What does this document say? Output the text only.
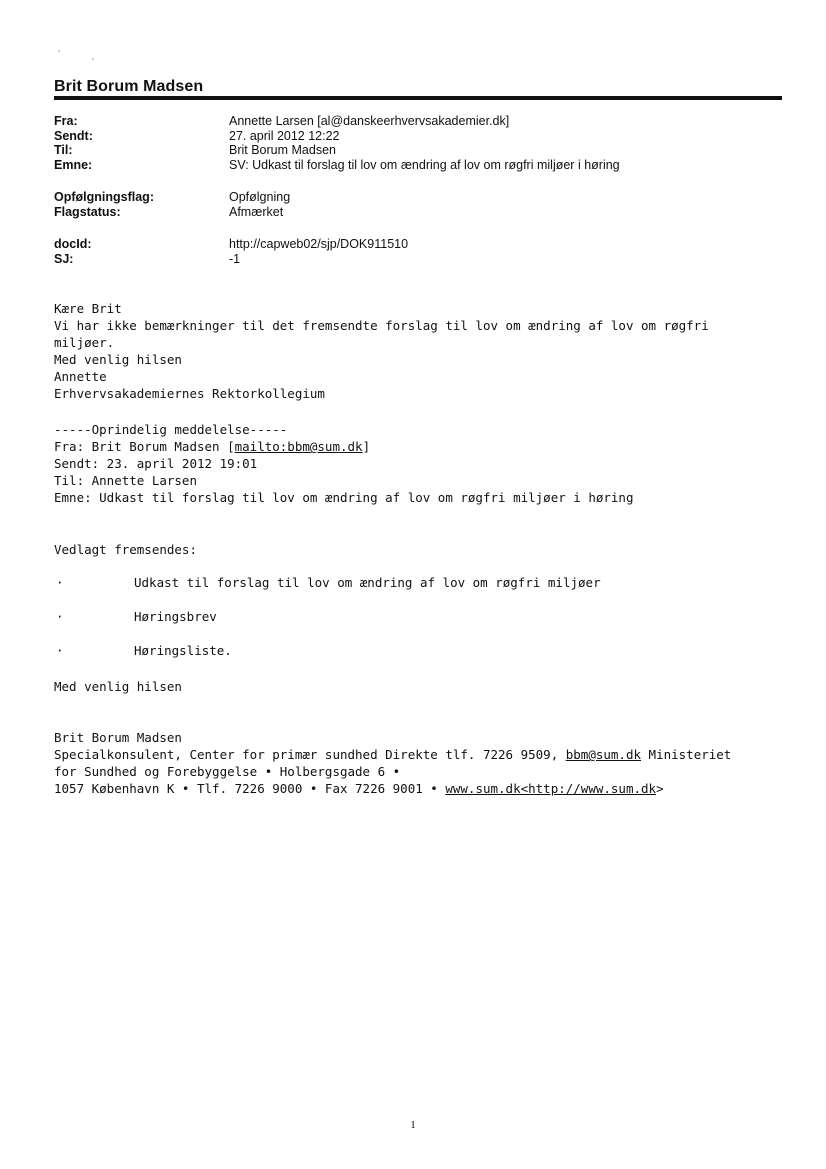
Brit Borum Madsen
Fra:	Annette Larsen [al@danskeerhvervsakademier.dk]
Sendt:	27. april 2012 12:22
Til:	Brit Borum Madsen
Emne:	SV: Udkast til forslag til lov om ændring af lov om røgfri miljøer i høring
Opfølgningsflag:	Opfølgning
Flagstatus:	Afmærket
docId:	http://capweb02/sjp/DOK911510
SJ:	-1
Kære Brit
Vi har ikke bemærkninger til det fremsendte forslag til lov om ændring af lov om røgfri
miljøer.
Med venlig hilsen
Annette
Erhvervsakademiernes Rektorkollegium
-----Oprindelig meddelelse-----
Fra: Brit Borum Madsen [mailto:bbm@sum.dk]
Sendt: 23. april 2012 19:01
Til: Annette Larsen
Emne: Udkast til forslag til lov om ændring af lov om røgfri miljøer i høring
Vedlagt fremsendes:
·	Udkast til forslag til lov om ændring af lov om røgfri miljøer
·	Høringsbrev
·	Høringsliste.
Med venlig hilsen
Brit Borum Madsen
Specialkonsulent, Center for primær sundhed Direkte tlf. 7226 9509, bbm@sum.dk Ministeriet
for Sundhed og Forebyggelse • Holbergsgade 6 •
1057 København K • Tlf. 7226 9000 • Fax 7226 9001 • www.sum.dk<http://www.sum.dk>
1
